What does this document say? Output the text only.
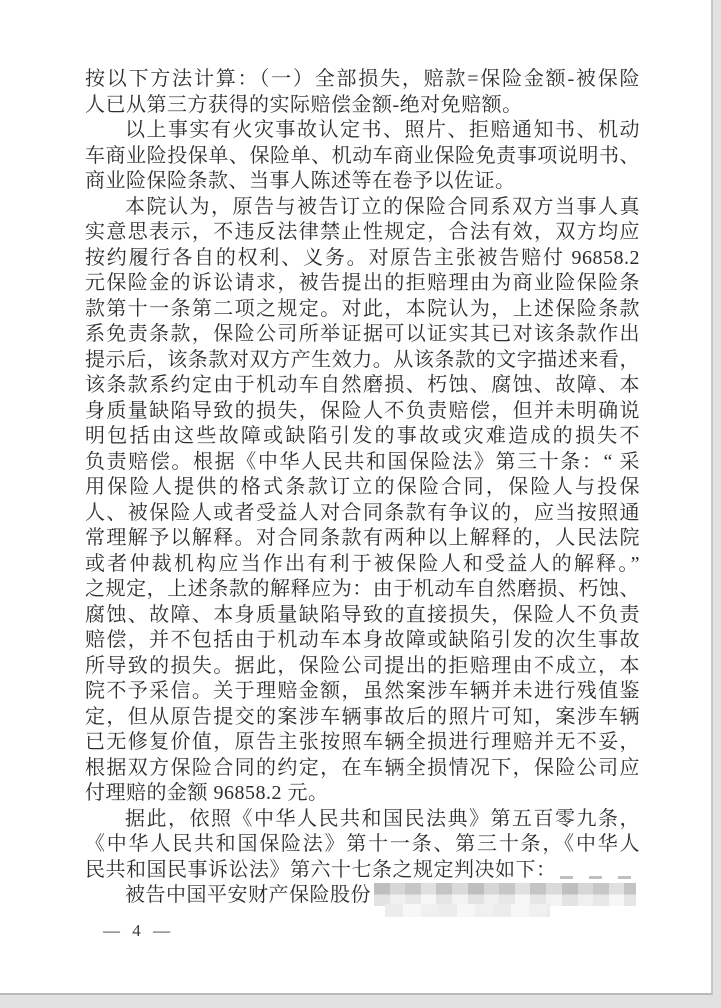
按以下方法计算：（一）全部损失，赔款=保险金额-被保险
人已从第三方获得的实际赔偿金额-绝对免赔额。
以上事实有火灾事故认定书、照片、拒赔通知书、机动
车商业险投保单、保险单、机动车商业保险免责事项说明书、
商业险保险条款、当事人陈述等在卷予以佐证。
本院认为，原告与被告订立的保险合同系双方当事人真
实意思表示，不违反法律禁止性规定，合法有效，双方均应
按约履行各自的权利、义务。对原告主张被告赔付 96858.2
元保险金的诉讼请求，被告提出的拒赔理由为商业险保险条
款第十一条第二项之规定。对此，本院认为，上述保险条款
系免责条款，保险公司所举证据可以证实其已对该条款作出
提示后，该条款对双方产生效力。从该条款的文字描述来看，
该条款系约定由于机动车自然磨损、朽蚀、腐蚀、故障、本
身质量缺陷导致的损失，保险人不负责赔偿，但并未明确说
明包括由这些故障或缺陷引发的事故或灾难造成的损失不
负责赔偿。根据《中华人民共和国保险法》第三十条：“ 采
用保险人提供的格式条款订立的保险合同，保险人与投保
人、被保险人或者受益人对合同条款有争议的，应当按照通
常理解予以解释。对合同条款有两种以上解释的，人民法院
或者仲裁机构应当作出有利于被保险人和受益人的解释。”
之规定，上述条款的解释应为：由于机动车自然磨损、朽蚀、
腐蚀、故障、本身质量缺陷导致的直接损失，保险人不负责
赔偿，并不包括由于机动车本身故障或缺陷引发的次生事故
所导致的损失。据此，保险公司提出的拒赔理由不成立，本
院不予采信。关于理赔金额，虽然案涉车辆并未进行残值鉴
定，但从原告提交的案涉车辆事故后的照片可知，案涉车辆
已无修复价值，原告主张按照车辆全损进行理赔并无不妥，
根据双方保险合同的约定，在车辆全损情况下，保险公司应
付理赔的金额 96858.2 元。
据此，依照《中华人民共和国民法典》第五百零九条，
《中华人民共和国保险法》第十一条、第三十条，《中华人
民共和国民事诉讼法》第六十七条之规定判决如下：
被告中国平安财产保险股份
— 4 —
